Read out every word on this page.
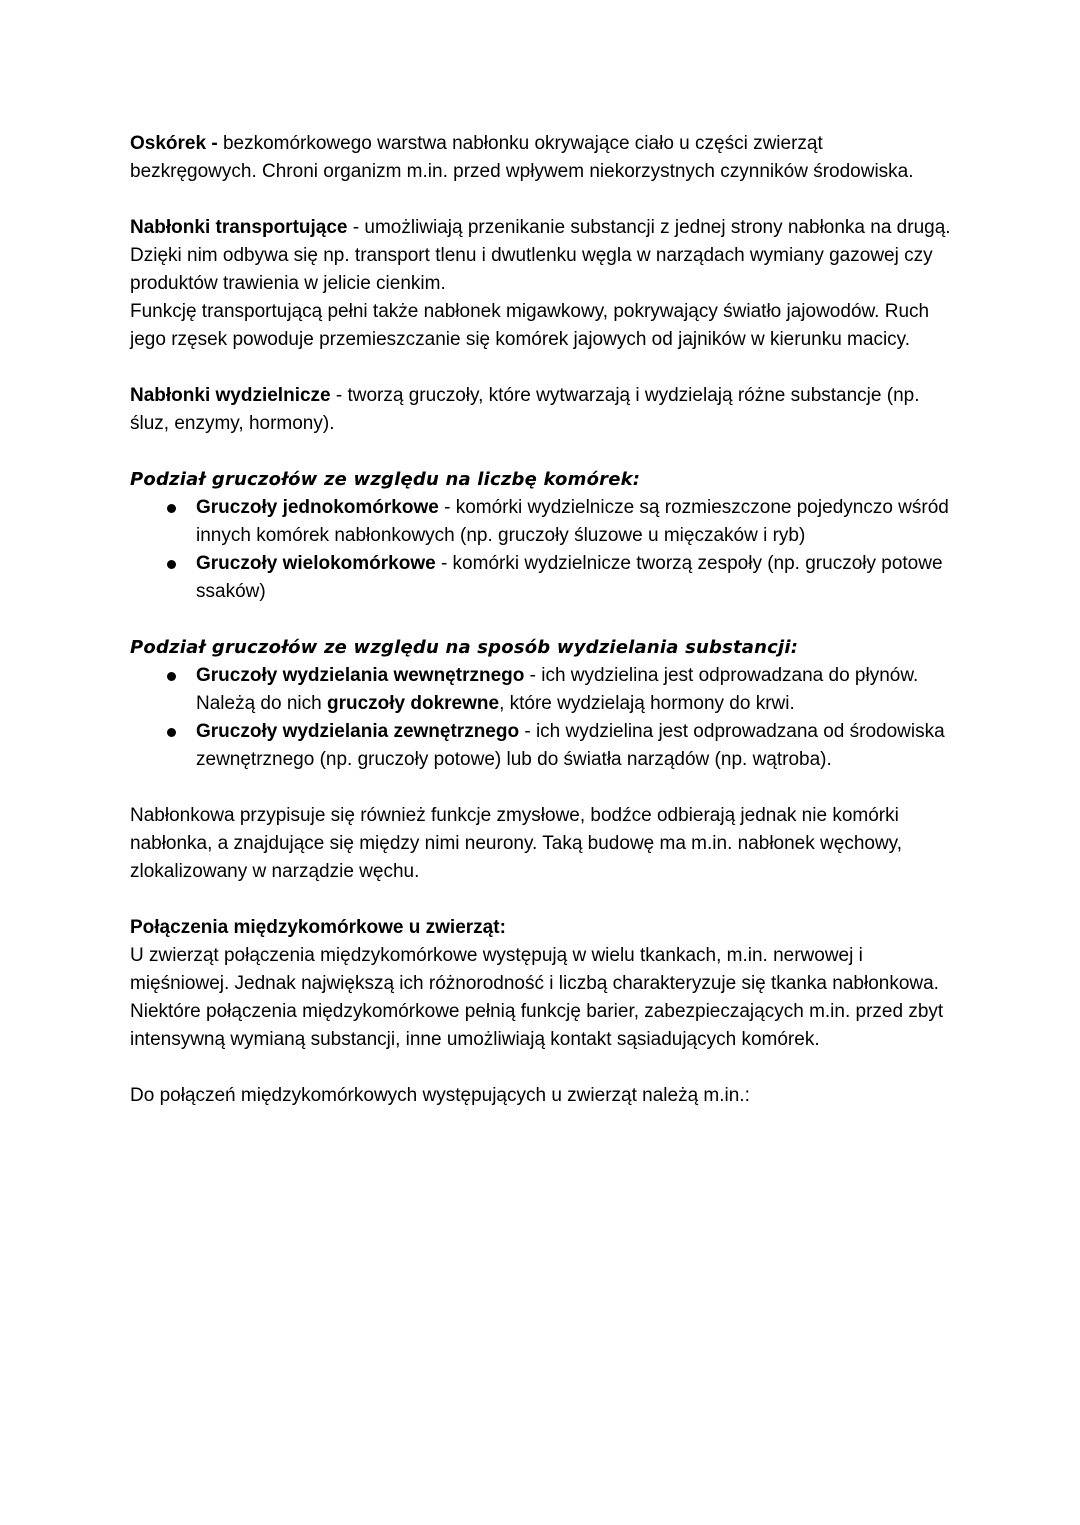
Oskórek - bezkomórkowego warstwa nabłonku okrywające ciało u części zwierząt bezkręgowych. Chroni organizm m.in. przed wpływem niekorzystnych czynników środowiska.

Nabłonki transportujące - umożliwiają przenikanie substancji z jednej strony nabłonka na drugą. Dzięki nim odbywa się np. transport tlenu i dwutlenku węgla w narządach wymiany gazowej czy produktów trawienia w jelicie cienkim.
Funkcję transportującą pełni także nabłonek migawkowy, pokrywający światło jajowodów. Ruch jego rzęsek powoduje przemieszczanie się komórek jajowych od jajników w kierunku macicy.

Nabłonki wydzielnicze - tworzą gruczoły, które wytwarzają i wydzielają różne substancje (np. śluz, enzymy, hormony).

Podział gruczołów ze względu na liczbę komórek:

Gruczoły jednokomórkowe - komórki wydzielnicze są rozmieszczone pojedynczo wśród innych komórek nabłonkowych (np. gruczoły śluzowe u mięczaków i ryb)
Gruczoły wielokomórkowe - komórki wydzielnicze tworzą zespoły (np. gruczoły potowe ssaków)

Podział gruczołów ze względu na sposób wydzielania substancji:

Gruczoły wydzielania wewnętrznego - ich wydzielina jest odprowadzana do płynów. Należą do nich gruczoły dokrewne, które wydzielają hormony do krwi.
Gruczoły wydzielania zewnętrznego - ich wydzielina jest odprowadzana od środowiska zewnętrznego (np. gruczoły potowe) lub do światła narządów (np. wątroba).

Nabłonkowa przypisuje się również funkcje zmysłowe, bodźce odbierają jednak nie komórki nabłonka, a znajdujące się między nimi neurony. Taką budowę ma m.in. nabłonek węchowy, zlokalizowany w narządzie węchu.

Połączenia międzykomórkowe u zwierząt:
U zwierząt połączenia międzykomórkowe występują w wielu tkankach, m.in. nerwowej i mięśniowej. Jednak największą ich różnorodność i liczbą charakteryzuje się tkanka nabłonkowa.
Niektóre połączenia międzykomórkowe pełnią funkcję barier, zabezpieczających m.in. przed zbyt intensywną wymianą substancji, inne umożliwiają kontakt sąsiadujących komórek.

Do połączeń międzykomórkowych występujących u zwierząt należą m.in.:
